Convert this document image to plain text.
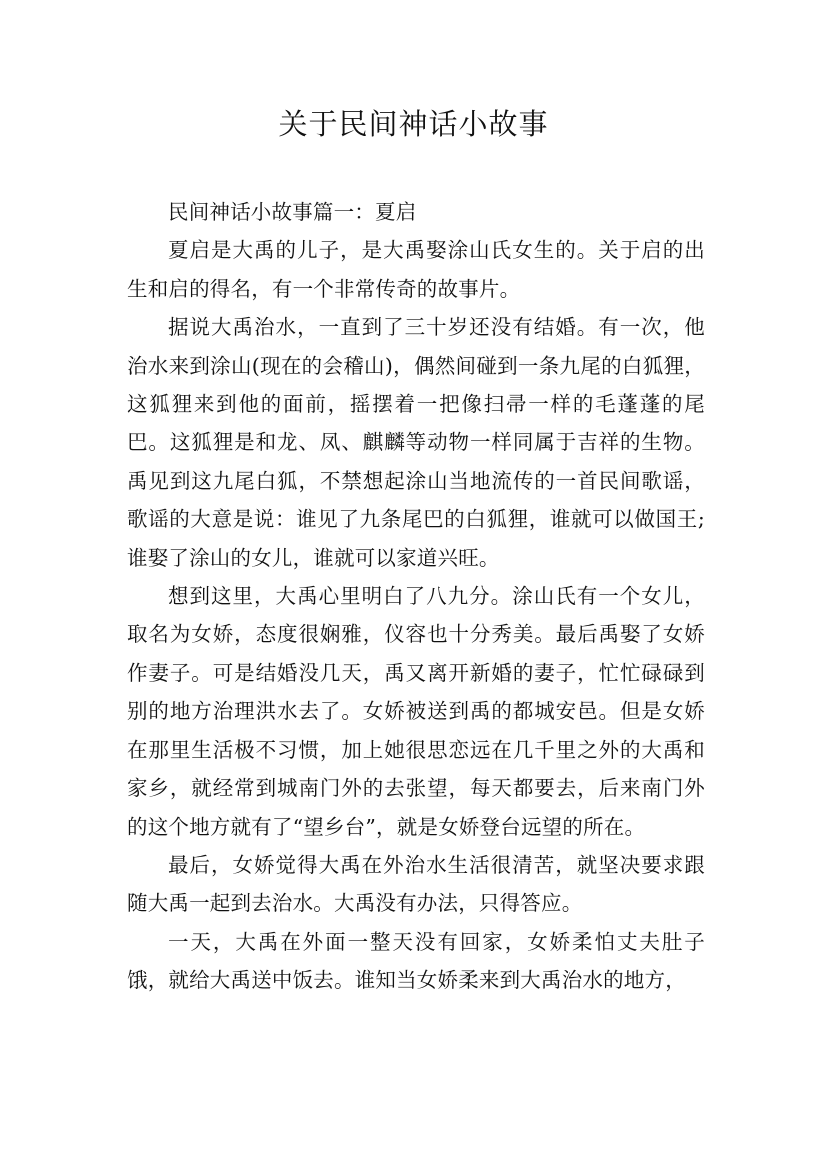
关于民间神话小故事

民间神话小故事篇一：夏启

夏启是大禹的儿子，是大禹娶涂山氏女生的。关于启的出生和启的得名，有一个非常传奇的故事片。

据说大禹治水，一直到了三十岁还没有结婚。有一次，他治水来到涂山(现在的会稽山)，偶然间碰到一条九尾的白狐狸，这狐狸来到他的面前，摇摆着一把像扫帚一样的毛蓬蓬的尾巴。这狐狸是和龙、凤、麒麟等动物一样同属于吉祥的生物。禹见到这九尾白狐，不禁想起涂山当地流传的一首民间歌谣，歌谣的大意是说：谁见了九条尾巴的白狐狸，谁就可以做国王;谁娶了涂山的女儿，谁就可以家道兴旺。

想到这里，大禹心里明白了八九分。涂山氏有一个女儿，取名为女娇，态度很娴雅，仪容也十分秀美。最后禹娶了女娇作妻子。可是结婚没几天，禹又离开新婚的妻子，忙忙碌碌到别的地方治理洪水去了。女娇被送到禹的都城安邑。但是女娇在那里生活极不习惯，加上她很思恋远在几千里之外的大禹和家乡，就经常到城南门外的去张望，每天都要去，后来南门外的这个地方就有了“望乡台”，就是女娇登台远望的所在。

最后，女娇觉得大禹在外治水生活很清苦，就坚决要求跟随大禹一起到去治水。大禹没有办法，只得答应。

一天，大禹在外面一整天没有回家，女娇柔怕丈夫肚子饿，就给大禹送中饭去。谁知当女娇柔来到大禹治水的地方，
